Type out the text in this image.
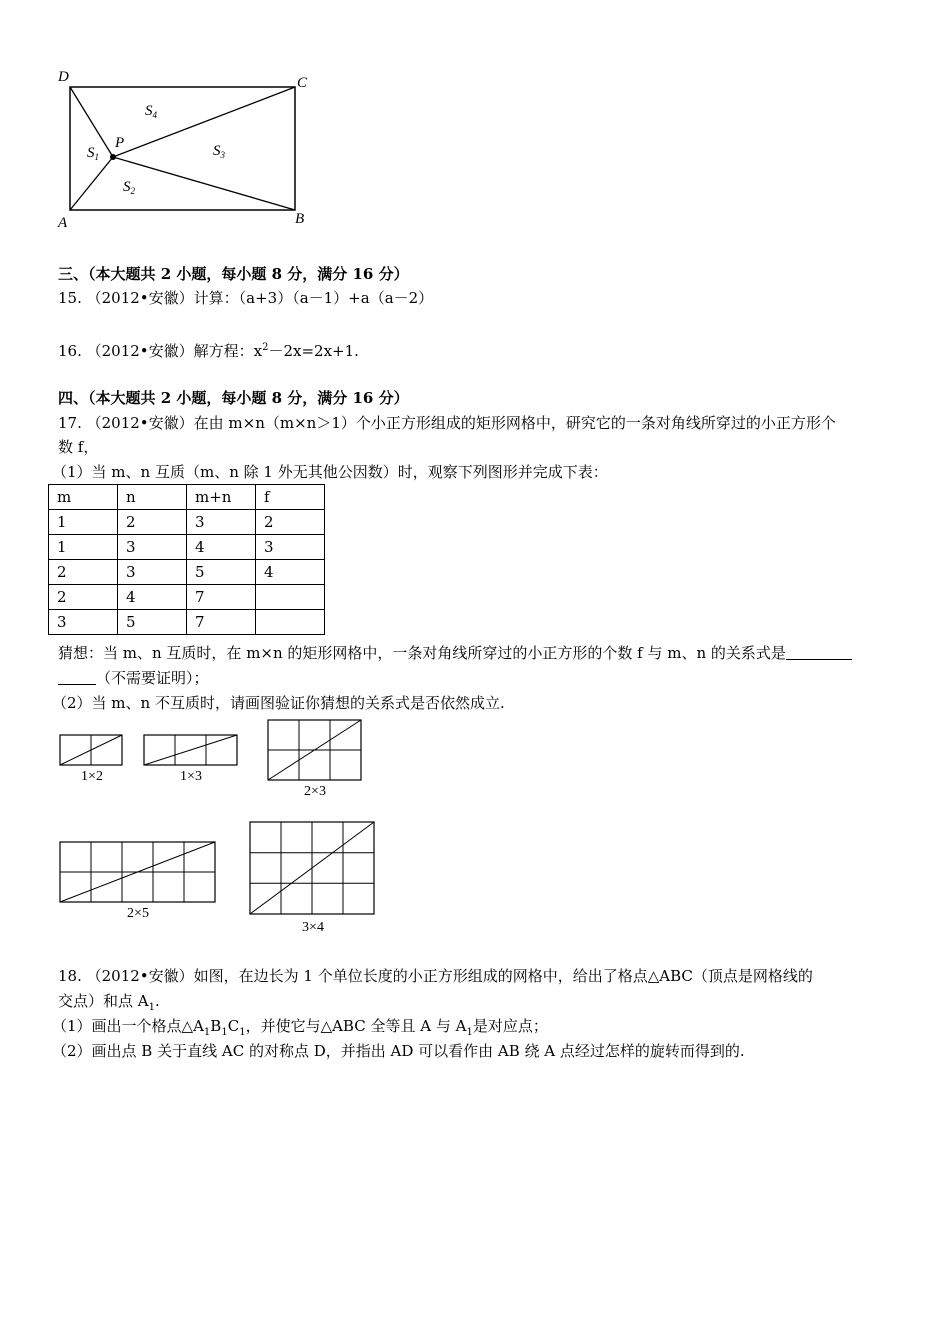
D	C
A	B
P
$S_1$
$S_2$
$S_3$
$S_4$
三、（本大题共 2 小题，每小题 8 分，满分 16 分）
15. （2012•安徽）计算：（a+3）（a－1）+a（a－2）
16. （2012•安徽）解方程：$x^2-2x=2x+1$.
四、（本大题共 2 小题，每小题 8 分，满分 16 分）
17. （2012•安徽）在由 m×n（m×n＞1）个小正方形组成的矩形网格中，研究它的一条对角线所穿过的小正方形个
数 f，
（1）当 m、n 互质（m、n 除 1 外无其他公因数）时，观察下列图形并完成下表：
m	n	m+n	f
1	2	3	2
1	3	4	3
2	3	5	4
2	4	7	
3	5	7	
猜想：当 m、n 互质时，在 m×n 的矩形网格中，一条对角线所穿过的小正方形的个数 f 与 m、n 的关系式是
（不需要证明）；
（2）当 m、n 不互质时，请画图验证你猜想的关系式是否依然成立.
1×2	1×3
2×3
2×5
3×4
18. （2012•安徽）如图，在边长为 1 个单位长度的小正方形组成的网格中，给出了格点△ABC（顶点是网格线的
交点）和点 $A_1$.
（1）画出一个格点$\triangle A_1B_1C_1$，并使它与△ABC 全等且 A 与 $A_1$是对应点；
（2）画出点 B 关于直线 AC 的对称点 D，并指出 AD 可以看作由 AB 绕 A 点经过怎样的旋转而得到的.
